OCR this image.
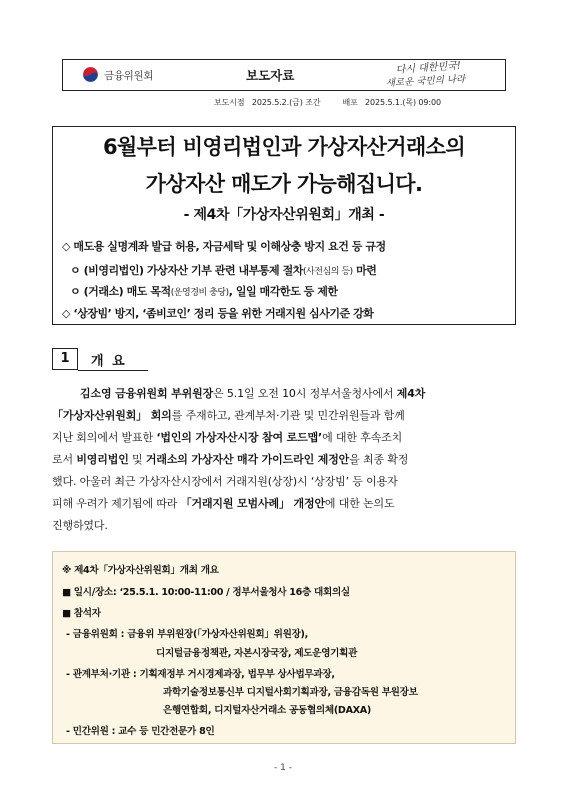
금융위원회	보도자료	다시 대한민국!
새로운 국민의 나라
보도시점   2025.5.2.(금) 조간         배포   2025.5.1.(목) 09:00
6월부터 비영리법인과 가상자산거래소의
가상자산 매도가 가능해집니다.
- 제4차「가상자산위원회」개최 -
◇ 매도용 실명계좌 발급 허용, 자금세탁 및 이해상충 방지 요건 등 규정
ㅇ (비영리법인) 가상자산 기부 관련 내부통제 절차(사전심의 등) 마련
ㅇ (거래소) 매도 목적(운영경비 충당), 일일 매각한도 등 제한
◇ ‘상장빔’ 방지, ‘좀비코인’ 정리 등을 위한 거래지원 심사기준 강화
1	개 요
김소영 금융위원회 부위원장은 5.1일 오전 10시 정부서울청사에서 제4차
「가상자산위원회」 회의를 주재하고, 관계부처·기관 및 민간위원들과 함께
지난 회의에서 발표한 ‘법인의 가상자산시장 참여 로드맵’에 대한 후속조치
로서 비영리법인 및 거래소의 가상자산 매각 가이드라인 제정안을 최종 확정
했다. 아울러 최근 가상자산시장에서 거래지원(상장)시 ‘상장빔’ 등 이용자
피해 우려가 제기됨에 따라 「거래지원 모범사례」 개정안에 대한 논의도
진행하였다.
※ 제4차「가상자산위원회」개최 개요
■ 일시/장소: ‘25.5.1. 10:00-11:00 / 정부서울청사 16층 대회의실
■ 참석자
- 금융위원회 : 금융위 부위원장(「가상자산위원회」위원장),
디지털금융정책관, 자본시장국장, 제도운영기획관
- 관계부처·기관 : 기획재정부 거시경제과장, 법무부 상사법무과장,
과학기술정보통신부 디지털사회기획과장, 금융감독원 부원장보
은행연합회, 디지털자산거래소 공동협의체(DAXA)
- 민간위원 : 교수 등 민간전문가 8인
- 1 -
